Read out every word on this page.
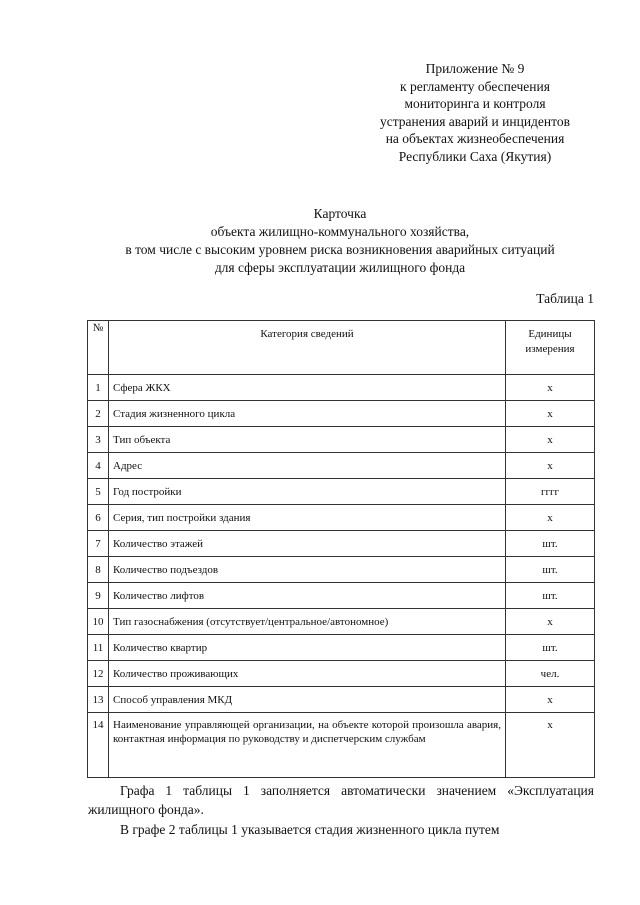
Приложение № 9
к регламенту обеспечения
мониторинга и контроля
устранения аварий и инцидентов
на объектах жизнеобеспечения
Республики Саха (Якутия)
Карточка
объекта жилищно-коммунального хозяйства,
в том числе с высоким уровнем риска возникновения аварийных ситуаций
для сферы эксплуатации жилищного фонда
Таблица 1
№	Категория сведений	Единицы измерения
1	Сфера ЖКХ	x
2	Стадия жизненного цикла	x
3	Тип объекта	x
4	Адрес	x
5	Год постройки	гггг
6	Серия, тип постройки здания	x
7	Количество этажей	шт.
8	Количество подъездов	шт.
9	Количество лифтов	шт.
10	Тип газоснабжения (отсутствует/центральное/автономное)	x
11	Количество квартир	шт.
12	Количество проживающих	чел.
13	Способ управления МКД	x
14	Наименование управляющей организации, на объекте которой произошла авария, контактная информация по руководству и диспетчерским службам	x
Графа 1 таблицы 1 заполняется автоматически значением «Эксплуатация жилищного фонда».
В графе 2 таблицы 1 указывается стадия жизненного цикла путем
